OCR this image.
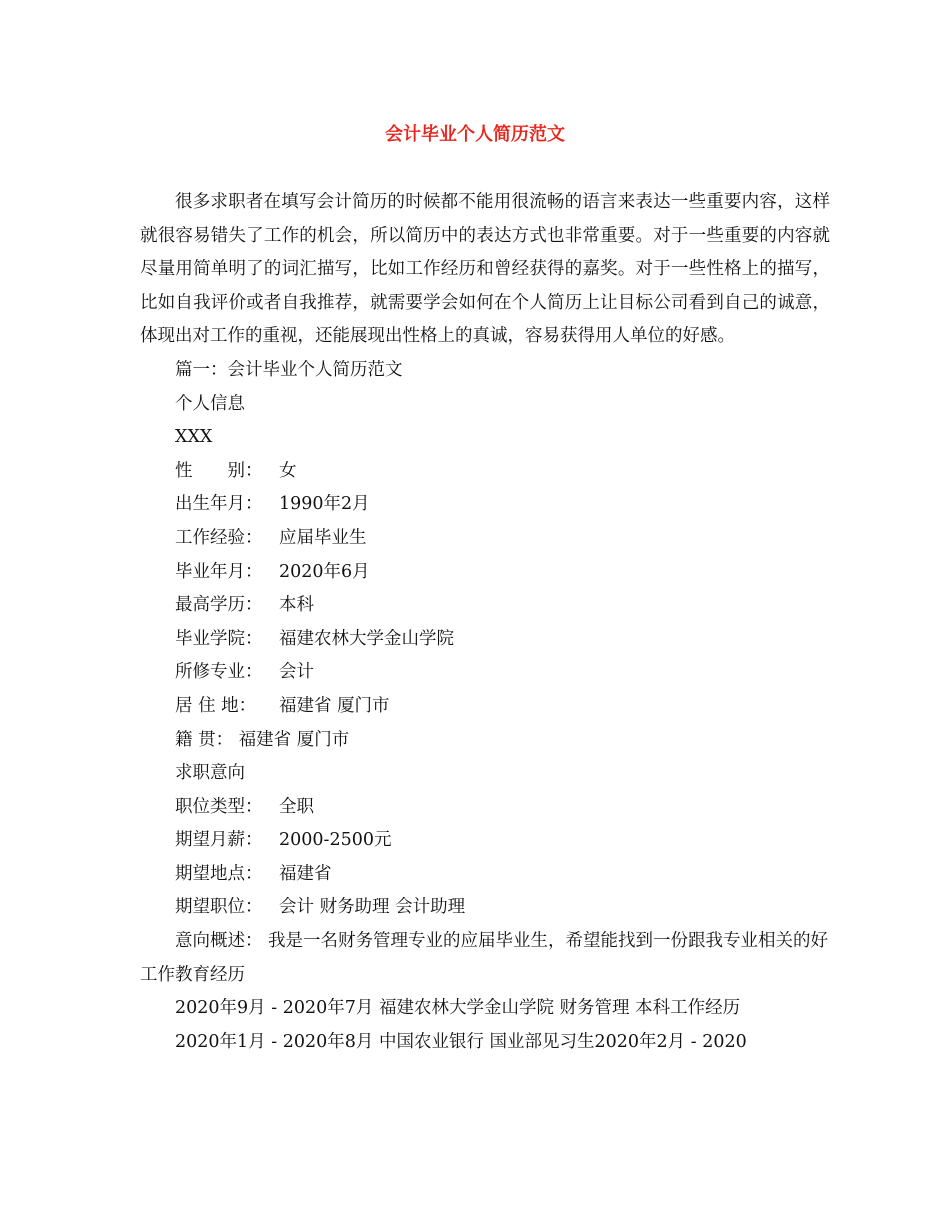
会计毕业个人简历范文

很多求职者在填写会计简历的时候都不能用很流畅的语言来表达一些重要内容，这样就很容易错失了工作的机会，所以简历中的表达方式也非常重要。对于一些重要的内容就尽量用简单明了的词汇描写，比如工作经历和曾经获得的嘉奖。对于一些性格上的描写，比如自我评价或者自我推荐，就需要学会如何在个人简历上让目标公司看到自己的诚意，体现出对工作的重视，还能展现出性格上的真诚，容易获得用人单位的好感。

篇一：会计毕业个人简历范文

个人信息

XXX

性　　别： 女

出生年月： 1990年2月

工作经验： 应届毕业生

毕业年月： 2020年6月

最高学历： 本科

毕业学院： 福建农林大学金山学院

所修专业： 会计

居 住 地：	福建省 厦门市

籍 贯： 福建省 厦门市

求职意向

职位类型： 全职

期望月薪： 2000-2500元

期望地点： 福建省

期望职位： 会计 财务助理 会计助理

意向概述： 我是一名财务管理专业的应届毕业生，希望能找到一份跟我专业相关的好工作教育经历

2020年9月 - 2020年7月 福建农林大学金山学院 财务管理 本科工作经历

2020年1月 - 2020年8月 中国农业银行 国业部见习生2020年2月 - 2020
